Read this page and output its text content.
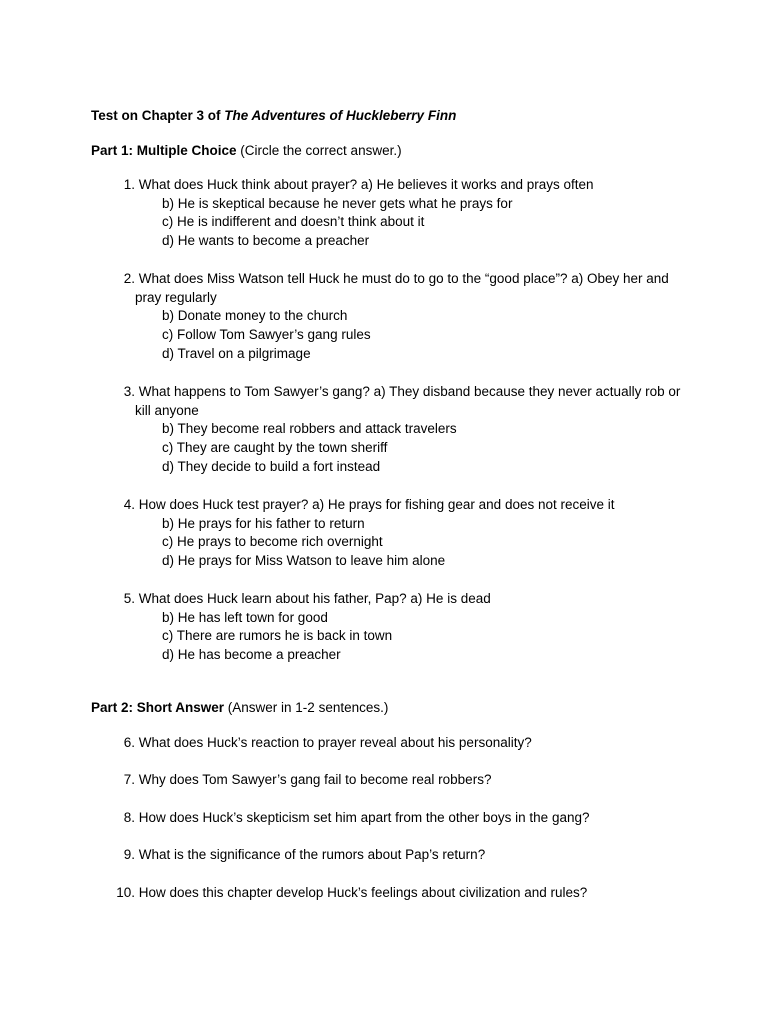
Test on Chapter 3 of The Adventures of Huckleberry Finn
Part 1: Multiple Choice (Circle the correct answer.)
1. What does Huck think about prayer? a) He believes it works and prays often
b) He is skeptical because he never gets what he prays for
c) He is indifferent and doesn’t think about it
d) He wants to become a preacher
2. What does Miss Watson tell Huck he must do to go to the “good place”? a) Obey her and pray regularly
b) Donate money to the church
c) Follow Tom Sawyer’s gang rules
d) Travel on a pilgrimage
3. What happens to Tom Sawyer’s gang? a) They disband because they never actually rob or kill anyone
b) They become real robbers and attack travelers
c) They are caught by the town sheriff
d) They decide to build a fort instead
4. How does Huck test prayer? a) He prays for fishing gear and does not receive it
b) He prays for his father to return
c) He prays to become rich overnight
d) He prays for Miss Watson to leave him alone
5. What does Huck learn about his father, Pap? a) He is dead
b) He has left town for good
c) There are rumors he is back in town
d) He has become a preacher
Part 2: Short Answer (Answer in 1-2 sentences.)
6. What does Huck’s reaction to prayer reveal about his personality?
7. Why does Tom Sawyer’s gang fail to become real robbers?
8. How does Huck’s skepticism set him apart from the other boys in the gang?
9. What is the significance of the rumors about Pap’s return?
10. How does this chapter develop Huck’s feelings about civilization and rules?
